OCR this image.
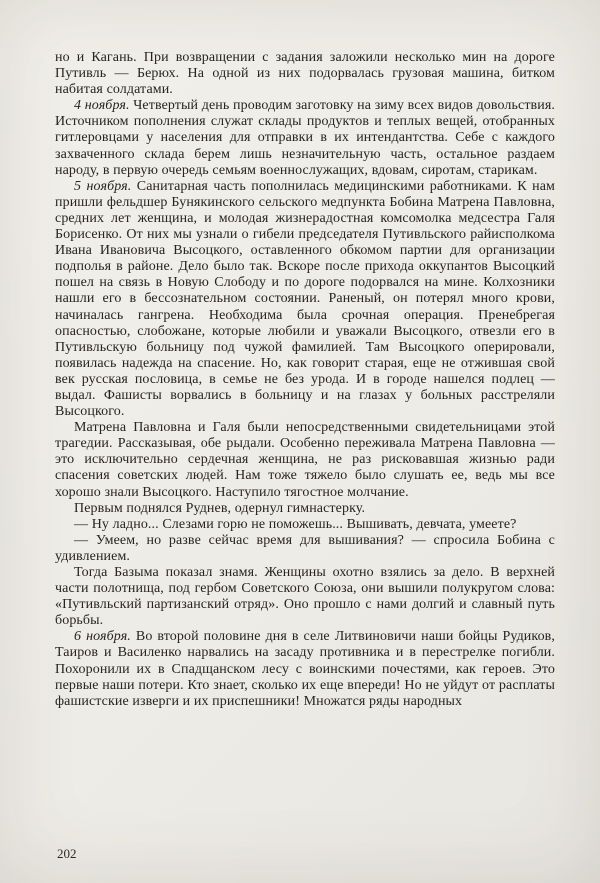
но и Кагань. При возвращении с задания заложили несколько мин на дороге Путивль — Берюх. На одной из них подорвалась грузовая машина, битком набитая солдатами.

4 ноября. Четвертый день проводим заготовку на зиму всех видов довольствия. Источником пополнения служат склады продуктов и теплых вещей, отобранных гитлеровцами у населения для отправки в их интендантства. Себе с каждого захваченного склада берем лишь незначительную часть, остальное раздаем народу, в первую очередь семьям военнослужащих, вдовам, сиротам, старикам.

5 ноября. Санитарная часть пополнилась медицинскими работниками. К нам пришли фельдшер Бунякинского сельского медпункта Бобина Матрена Павловна, средних лет женщина, и молодая жизнерадостная комсомолка медсестра Галя Борисенко. От них мы узнали о гибели председателя Путивльского райисполкома Ивана Ивановича Высоцкого, оставленного обкомом партии для организации подполья в районе. Дело было так. Вскоре после прихода оккупантов Высоцкий пошел на связь в Новую Слободу и по дороге подорвался на мине. Колхозники нашли его в бессознательном состоянии. Раненый, он потерял много крови, начиналась гангрена. Необходима была срочная операция. Пренебрегая опасностью, слобожане, которые любили и уважали Высоцкого, отвезли его в Путивльскую больницу под чужой фамилией. Там Высоцкого оперировали, появилась надежда на спасение. Но, как говорит старая, еще не отжившая свой век русская пословица, в семье не без урода. И в городе нашелся подлец — выдал. Фашисты ворвались в больницу и на глазах у больных расстреляли Высоцкого.

Матрена Павловна и Галя были непосредственными свидетельницами этой трагедии. Рассказывая, обе рыдали. Особенно переживала Матрена Павловна — это исключительно сердечная женщина, не раз рисковавшая жизнью ради спасения советских людей. Нам тоже тяжело было слушать ее, ведь мы все хорошо знали Высоцкого. Наступило тягостное молчание.

Первым поднялся Руднев, одернул гимнастерку.

— Ну ладно... Слезами горю не поможешь... Вышивать, девчата, умеете?

— Умеем, но разве сейчас время для вышивания? — спросила Бобина с удивлением.

Тогда Базыма показал знамя. Женщины охотно взялись за дело. В верхней части полотнища, под гербом Советского Союза, они вышили полукругом слова: «Путивльский партизанский отряд». Оно прошло с нами долгий и славный путь борьбы.

6 ноября. Во второй половине дня в селе Литвиновичи наши бойцы Рудиков, Таиров и Василенко нарвались на засаду противника и в перестрелке погибли. Похоронили их в Спадщанском лесу с воинскими почестями, как героев. Это первые наши потери. Кто знает, сколько их еще впереди! Но не уйдут от расплаты фашистские изверги и их приспешники! Множатся ряды народных

202
